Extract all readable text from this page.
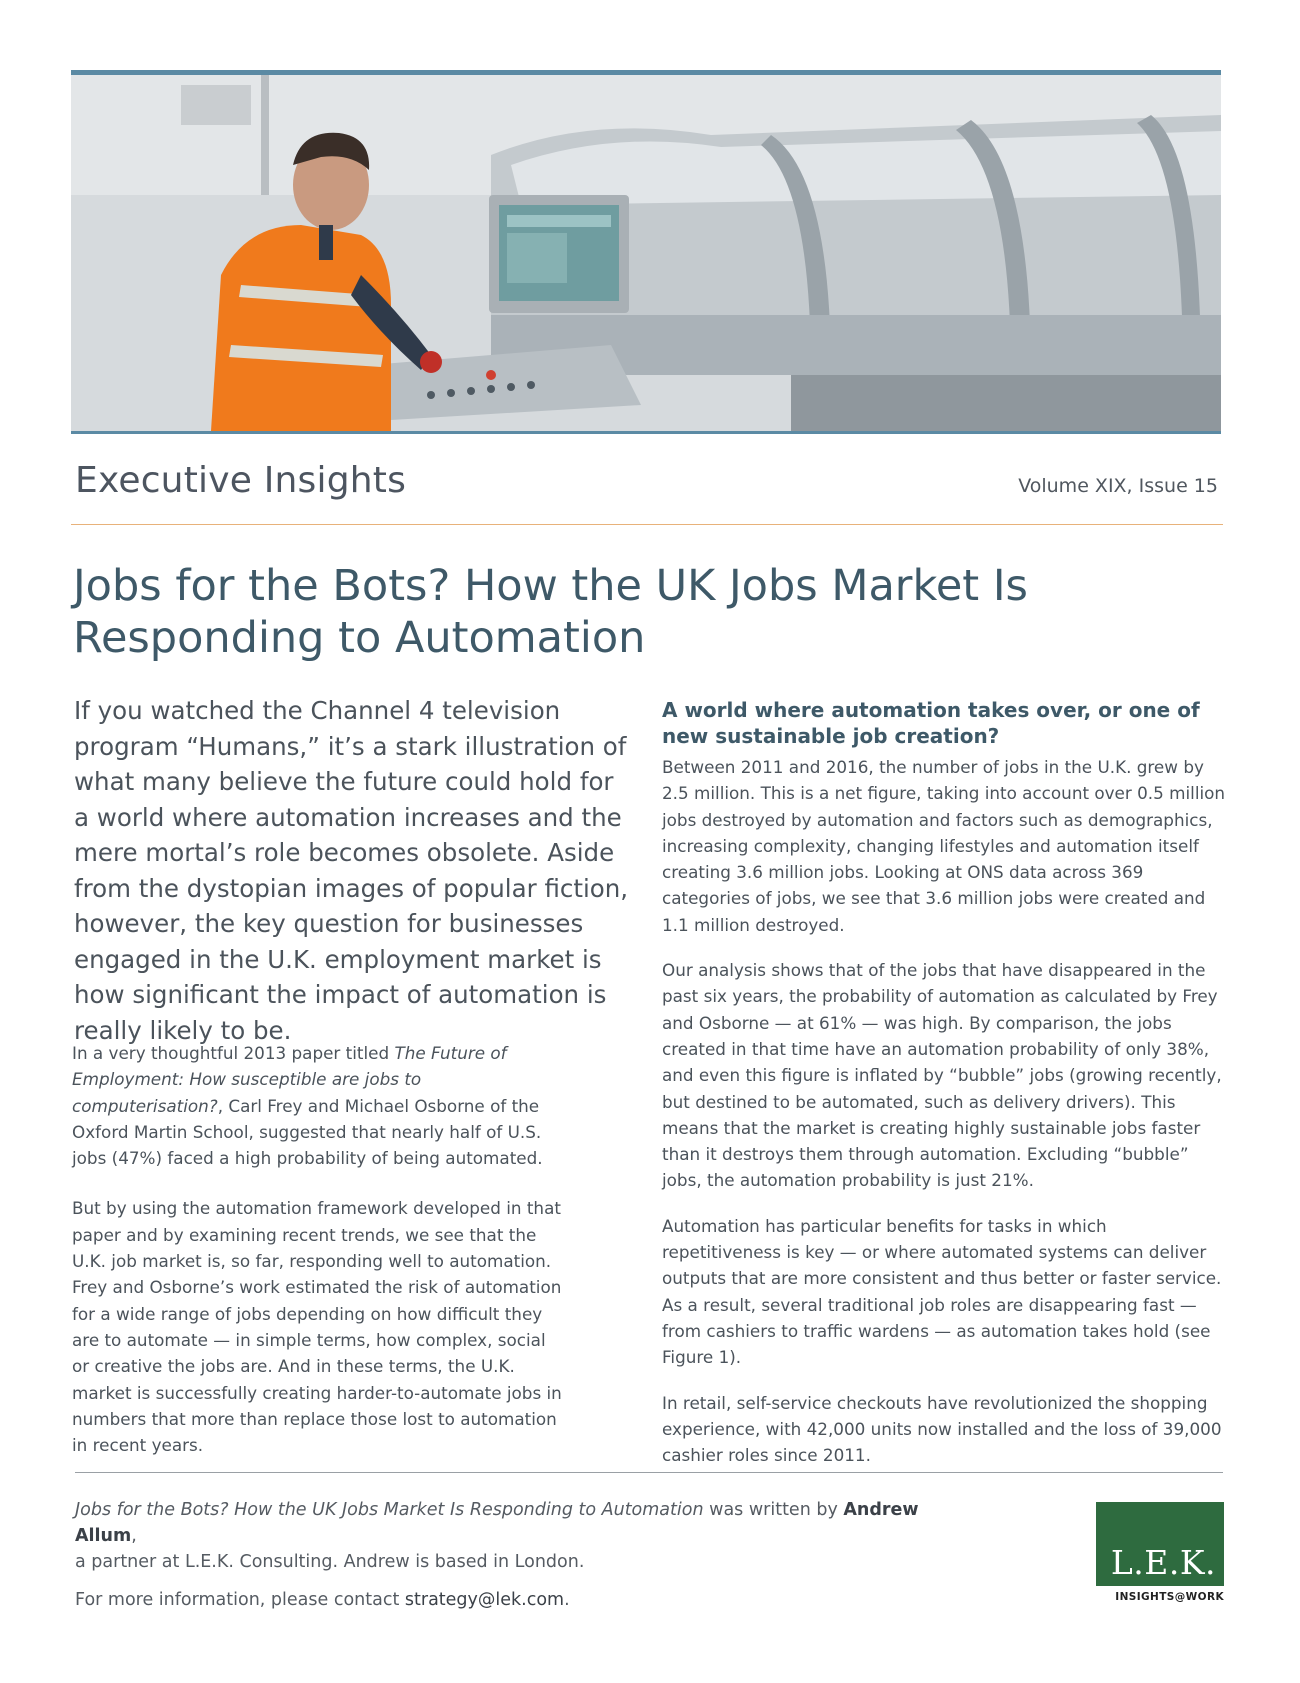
Executive Insights	Volume XIX, Issue 15
Jobs for the Bots? How the UK Jobs Market Is Responding to Automation

If you watched the Channel 4 television program “Humans,” it’s a stark illustration of what many believe the future could hold for a world where automation increases and the mere mortal’s role becomes obsolete. Aside from the dystopian images of popular fiction, however, the key question for businesses engaged in the U.K. employment market is how significant the impact of automation is really likely to be.

In a very thoughtful 2013 paper titled The Future of Employment: How susceptible are jobs to computerisation?, Carl Frey and Michael Osborne of the Oxford Martin School, suggested that nearly half of U.S. jobs (47%) faced a high probability of being automated.

But by using the automation framework developed in that paper and by examining recent trends, we see that the U.K. job market is, so far, responding well to automation. Frey and Osborne’s work estimated the risk of automation for a wide range of jobs depending on how difficult they are to automate — in simple terms, how complex, social or creative the jobs are. And in these terms, the U.K. market is successfully creating harder-to-automate jobs in numbers that more than replace those lost to automation in recent years.

A world where automation takes over, or one of new sustainable job creation?

Between 2011 and 2016, the number of jobs in the U.K. grew by 2.5 million. This is a net figure, taking into account over 0.5 million jobs destroyed by automation and factors such as demographics, increasing complexity, changing lifestyles and automation itself creating 3.6 million jobs. Looking at ONS data across 369 categories of jobs, we see that 3.6 million jobs were created and 1.1 million destroyed.

Our analysis shows that of the jobs that have disappeared in the past six years, the probability of automation as calculated by Frey and Osborne — at 61% — was high. By comparison, the jobs created in that time have an automation probability of only 38%, and even this figure is inflated by “bubble” jobs (growing recently, but destined to be automated, such as delivery drivers). This means that the market is creating highly sustainable jobs faster than it destroys them through automation. Excluding “bubble” jobs, the automation probability is just 21%.

Automation has particular benefits for tasks in which repetitiveness is key — or where automated systems can deliver outputs that are more consistent and thus better or faster service. As a result, several traditional job roles are disappearing fast — from cashiers to traffic wardens — as automation takes hold (see Figure 1).

In retail, self-service checkouts have revolutionized the shopping experience, with 42,000 units now installed and the loss of 39,000 cashier roles since 2011.

Jobs for the Bots? How the UK Jobs Market Is Responding to Automation was written by Andrew Allum,
a partner at L.E.K. Consulting. Andrew is based in London.

For more information, please contact strategy@lek.com.

L.E.K.
INSIGHTS@WORK
